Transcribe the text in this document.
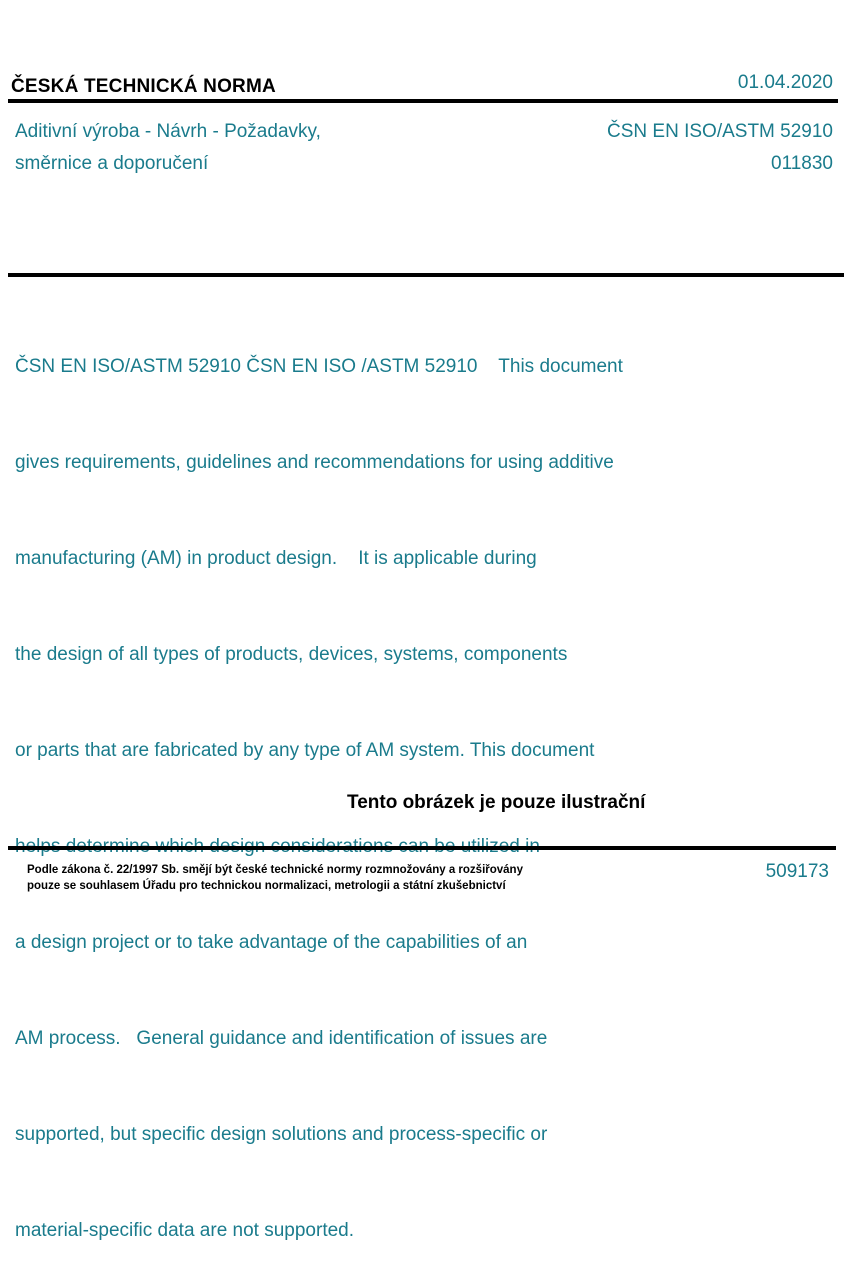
ČESKÁ TECHNICKÁ NORMA	01.04.2020
Aditivní výroba - Návrh - Požadavky,
směrnice a doporučení
ČSN EN ISO/ASTM 52910
011830

ČSN EN ISO/ASTM 52910 ČSN EN ISO /ASTM 52910    This document

gives requirements, guidelines and recommendations for using additive

manufacturing (AM) in product design.    It is applicable during

the design of all types of products, devices, systems, components

or parts that are fabricated by any type of AM system. This document

a design project or to take advantage of the capabilities of an

AM process.   General guidance and identification of issues are

supported, but specific design solutions and process-specific or

material-specific data are not supported.

Tento obrázek je pouze ilustrační
Podle zákona č. 22/1997 Sb. smějí být české technické normy rozmnožovány a rozšiřovány
pouze se souhlasem Úřadu pro technickou normalizaci, metrologii a státní zkušebnictví
509173
